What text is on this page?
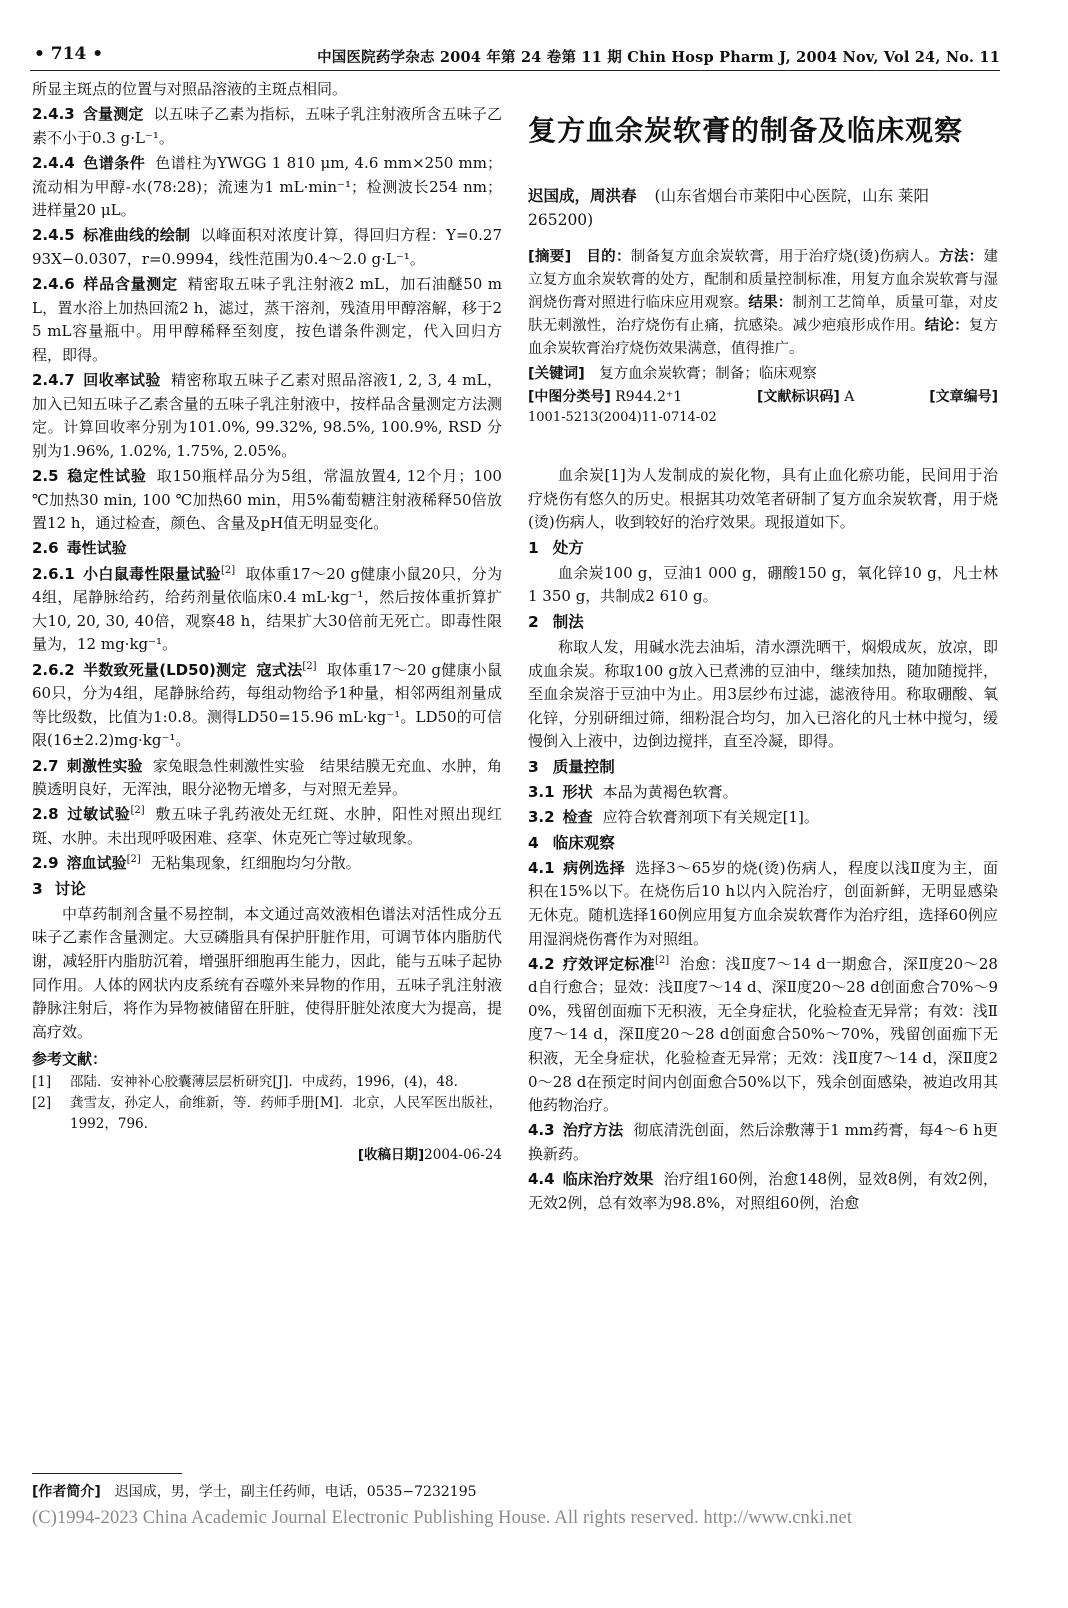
• 714 •	中国医院药学杂志 2004 年第 24 卷第 11 期 Chin Hosp Pharm J, 2004 Nov, Vol 24, No. 11

所显主斑点的位置与对照品溶液的主斑点相同。

2.4.3 含量测定 以五味子乙素为指标，五味子乳注射液所含五味子乙素不小于0.3 g·L⁻¹。

2.4.4 色谱条件 色谱柱为YWGG 1 810 μm, 4.6 mm×250 mm；流动相为甲醇-水(78:28)；流速为1 mL·min⁻¹；检测波长254 nm；进样量20 μL。

2.4.5 标准曲线的绘制 以峰面积对浓度计算，得回归方程：Y=0.2793X−0.0307，r=0.9994，线性范围为0.4～2.0 g·L⁻¹。

2.4.6 样品含量测定 精密取五味子乳注射液2 mL，加石油醚50 mL，置水浴上加热回流2 h，滤过，蒸干溶剂，残渣用甲醇溶解，移于25 mL容量瓶中。用甲醇稀释至刻度，按色谱条件测定，代入回归方程，即得。

2.4.7 回收率试验 精密称取五味子乙素对照品溶液1, 2, 3, 4 mL，加入已知五味子乙素含量的五味子乳注射液中，按样品含量测定方法测定。计算回收率分别为101.0%, 99.32%, 98.5%, 100.9%, RSD 分别为1.96%, 1.02%, 1.75%, 2.05%。

2.5 稳定性试验 取150瓶样品分为5组，常温放置4, 12个月；100 ℃加热30 min, 100 ℃加热60 min，用5%葡萄糖注射液稀释50倍放置12 h，通过检查，颜色、含量及pH值无明显变化。

2.6 毒性试验

2.6.1 小白鼠毒性限量试验[2] 取体重17～20 g健康小鼠20只，分为4组，尾静脉给药，给药剂量依临床0.4 mL·kg⁻¹，然后按体重折算扩大10, 20, 30, 40倍，观察48 h，结果扩大30倍前无死亡。即毒性限量为，12 mg·kg⁻¹。

2.6.2 半数致死量(LD50)测定 寇式法[2] 取体重17～20 g健康小鼠60只，分为4组，尾静脉给药，每组动物给予1种量，相邻两组剂量成等比级数，比值为1:0.8。测得LD50=15.96 mL·kg⁻¹。LD50的可信限(16±2.2)mg·kg⁻¹。

2.7 刺激性实验 家兔眼急性刺激性实验　结果结膜无充血、水肿，角膜透明良好，无浑浊，眼分泌物无增多，与对照无差异。

2.8 过敏试验[2] 敷五味子乳药液处无红斑、水肿，阳性对照出现红斑、水肿。未出现呼吸困难、痉挛、休克死亡等过敏现象。

2.9 溶血试验[2] 无粘集现象，红细胞均匀分散。

3 讨论

中草药制剂含量不易控制，本文通过高效液相色谱法对活性成分五味子乙素作含量测定。大豆磷脂具有保护肝脏作用，可调节体内脂肪代谢，减轻肝内脂肪沉着，增强肝细胞再生能力，因此，能与五味子起协同作用。人体的网状内皮系统有吞噬外来异物的作用，五味子乳注射液静脉注射后，将作为异物被储留在肝脏，使得肝脏处浓度大为提高，提高疗效。

参考文献：

[1]	邵陆．安神补心胶囊薄层层析研究[J]．中成药，1996，(4)，48.
[2]	龚雪友，孙定人，俞维新，等．药师手册[M]．北京，人民军医出版社，1992，796.

[收稿日期]2004-06-24

复方血余炭软膏的制备及临床观察

迟国成，周洪春 (山东省烟台市莱阳中心医院，山东 莱阳 265200)

[摘要]　 目的：制备复方血余炭软膏，用于治疗烧(烫)伤病人。方法：建立复方血余炭软膏的处方，配制和质量控制标准，用复方血余炭软膏与湿润烧伤膏对照进行临床应用观察。结果：制剂工艺简单，质量可靠，对皮肤无刺激性，治疗烧伤有止痛，抗感染。减少疤痕形成作用。结论：复方血余炭软膏治疗烧伤效果满意，值得推广。

[关键词]　 复方血余炭软膏；制备；临床观察

[中图分类号] R944.2⁺1	[文献标识码] A	[文章编号]

1001-5213(2004)11-0714-02

血余炭[1]为人发制成的炭化物，具有止血化瘀功能，民间用于治疗烧伤有悠久的历史。根据其功效笔者研制了复方血余炭软膏，用于烧(烫)伤病人，收到较好的治疗效果。现报道如下。

1 处方

血余炭100 g，豆油1 000 g，硼酸150 g，氧化锌10 g，凡士林1 350 g，共制成2 610 g。

2 制法

称取人发，用碱水洗去油垢，清水漂洗晒干，焖煅成灰，放凉，即成血余炭。称取100 g放入已煮沸的豆油中，继续加热，随加随搅拌，至血余炭溶于豆油中为止。用3层纱布过滤，滤液待用。称取硼酸、氧化锌，分别研细过筛，细粉混合均匀，加入已溶化的凡士林中搅匀，缓慢倒入上液中，边倒边搅拌，直至冷凝，即得。

3 质量控制

3.1 形状 本品为黄褐色软膏。

3.2 检查 应符合软膏剂项下有关规定[1]。

4 临床观察

4.1 病例选择 选择3～65岁的烧(烫)伤病人，程度以浅Ⅱ度为主，面积在15%以下。在烧伤后10 h以内入院治疗，创面新鲜，无明显感染无休克。随机选择160例应用复方血余炭软膏作为治疗组，选择60例应用湿润烧伤膏作为对照组。

4.2 疗效评定标准[2] 治愈：浅Ⅱ度7～14 d一期愈合，深Ⅱ度20～28 d自行愈合；显效：浅Ⅱ度7～14 d、深Ⅱ度20～28 d创面愈合70%～90%，残留创面痂下无积液，无全身症状，化验检查无异常；有效：浅Ⅱ度7～14 d，深Ⅱ度20～28 d创面愈合50%～70%，残留创面痂下无积液，无全身症状，化验检查无异常；无效：浅Ⅱ度7～14 d，深Ⅱ度20～28 d在预定时间内创面愈合50%以下，残余创面感染，被迫改用其他药物治疗。

4.3 治疗方法 彻底清洗创面，然后涂敷薄于1 mm药膏，每4～6 h更换新药。

4.4 临床治疗效果 治疗组160例，治愈148例，显效8例，有效2例，无效2例，总有效率为98.8%，对照组60例，治愈

[作者简介]　 迟国成，男，学士，副主任药师，电话，0535−7232195
(C)1994-2023 China Academic Journal Electronic Publishing House. All rights reserved. http://www.cnki.net
